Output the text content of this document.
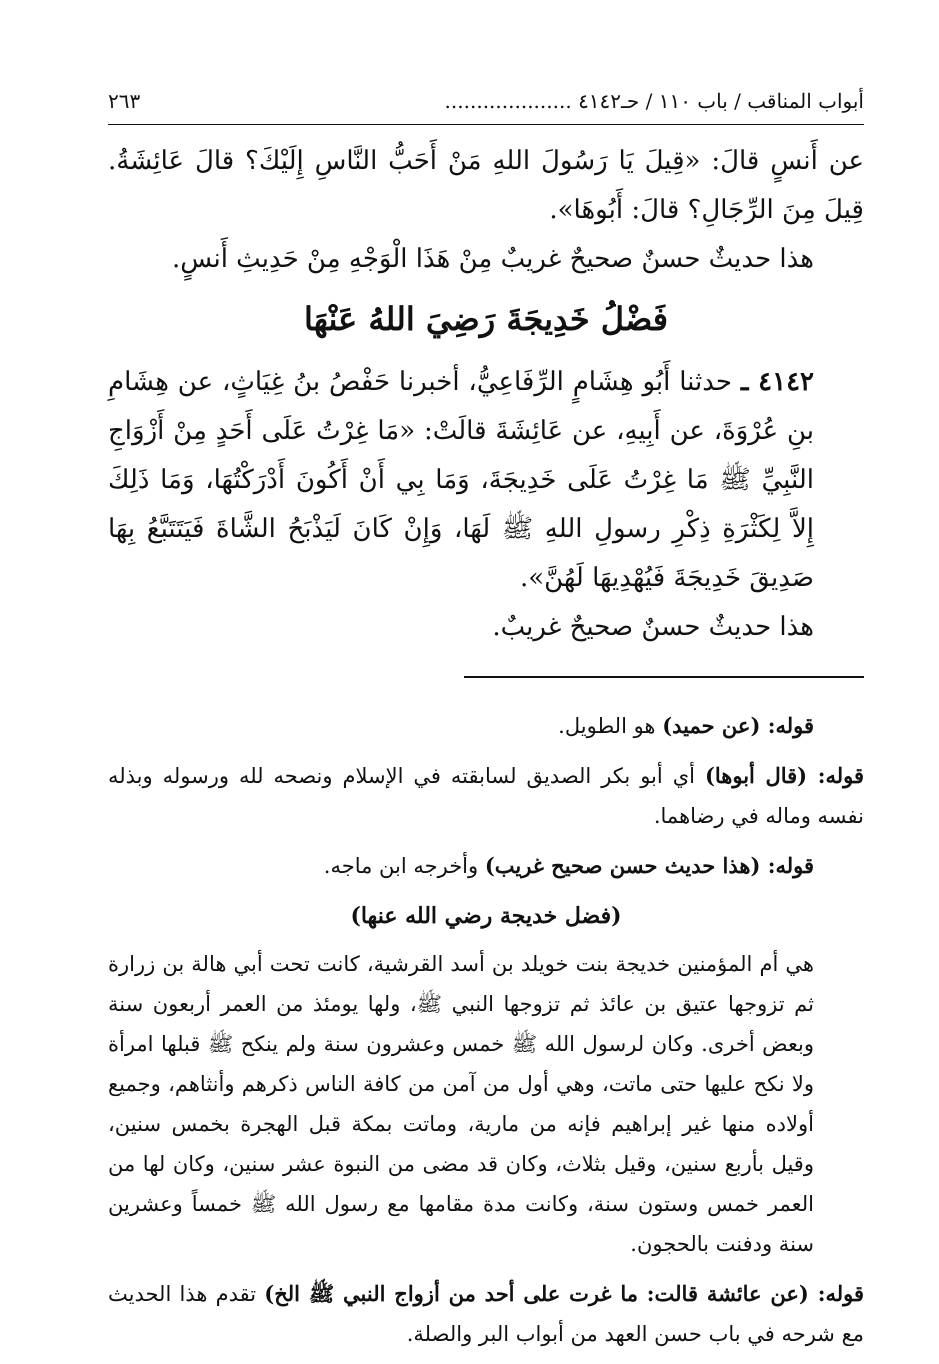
أبواب المناقب / باب ١١٠ / حـ٤١٤٢ ....................
٢٦٣

عن أَنسٍ قالَ: «قِيلَ يَا رَسُولَ اللهِ مَنْ أَحَبُّ النَّاسِ إِلَيْكَ؟ قالَ عَائِشَةُ. قِيلَ مِنَ الرِّجَالِ؟ قالَ: أَبُوهَا».

هذا حديثٌ حسنٌ صحيحٌ غريبٌ مِنْ هَذَا الْوَجْهِ مِنْ حَدِيثِ أَنسٍ.

فَضْلُ خَدِيجَةَ رَضِيَ اللهُ عَنْهَا

٤١٤٢ ـ حدثنا أَبُو هِشَامٍ الرِّفَاعِيُّ، أخبرنا حَفْصُ بنُ غِيَاثٍ، عن هِشَامِ بنِ عُرْوَةَ، عن أَبِيهِ، عن عَائِشَةَ قالَتْ: «مَا غِرْتُ عَلَى أَحَدٍ مِنْ أَزْوَاجِ النَّبِيِّ ﷺ مَا غِرْتُ عَلَى خَدِيجَةَ، وَمَا بِي أَنْ أَكُونَ أَدْرَكْتُهَا، وَمَا ذَلِكَ إِلاَّ لِكَثْرَةِ ذِكْرِ رسولِ اللهِ ﷺ لَهَا، وَإِنْ كَانَ لَيَذْبَحُ الشَّاةَ فَيَتَتَبَّعُ بِهَا صَدِيقَ خَدِيجَةَ فَيُهْدِيهَا لَهُنَّ».

هذا حديثٌ حسنٌ صحيحٌ غريبٌ.

قوله: (عن حميد) هو الطويل.

قوله: (قال أبوها) أي أبو بكر الصديق لسابقته في الإسلام ونصحه لله ورسوله وبذله نفسه وماله في رضاهما.

قوله: (هذا حديث حسن صحيح غريب) وأخرجه ابن ماجه.

(فضل خديجة رضي الله عنها)

هي أم المؤمنين خديجة بنت خويلد بن أسد القرشية، كانت تحت أبي هالة بن زرارة ثم تزوجها عتيق بن عائذ ثم تزوجها النبي ﷺ، ولها يومئذ من العمر أربعون سنة وبعض أخرى. وكان لرسول الله ﷺ خمس وعشرون سنة ولم ينكح ﷺ قبلها امرأة ولا نكح عليها حتى ماتت، وهي أول من آمن من كافة الناس ذكرهم وأنثاهم، وجميع أولاده منها غير إبراهيم فإنه من مارية، وماتت بمكة قبل الهجرة بخمس سنين، وقيل بأربع سنين، وقيل بثلاث، وكان قد مضى من النبوة عشر سنين، وكان لها من العمر خمس وستون سنة، وكانت مدة مقامها مع رسول الله ﷺ خمساً وعشرين سنة ودفنت بالحجون.

قوله: (عن عائشة قالت: ما غرت على أحد من أزواج النبي ﷺ الخ) تقدم هذا الحديث مع شرحه في باب حسن العهد من أبواب البر والصلة.
